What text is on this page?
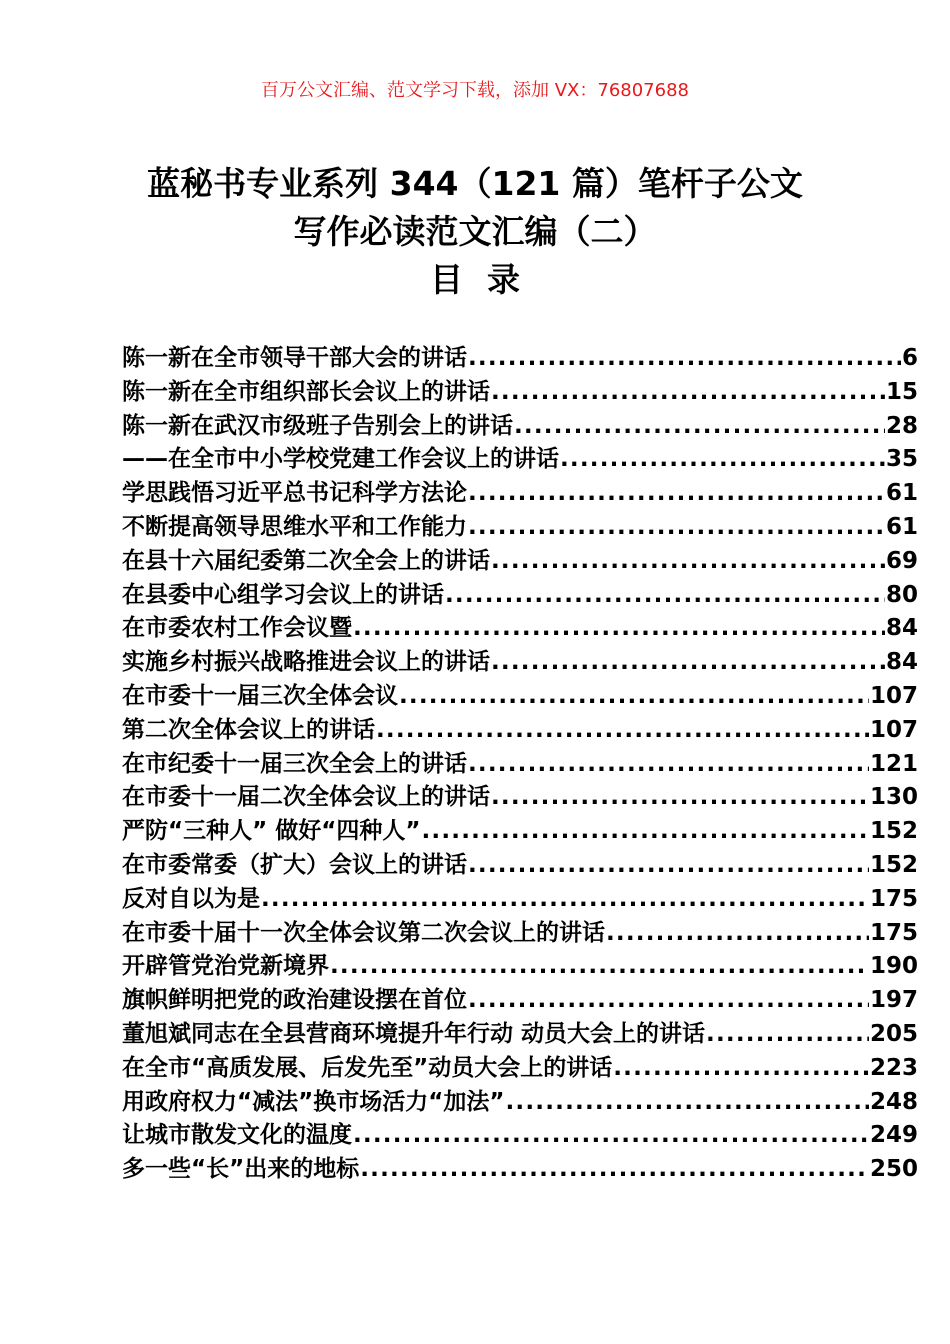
百万公文汇编、范文学习下载，添加 VX：76807688
蓝秘书专业系列 344（121 篇）笔杆子公文
写作必读范文汇编（二）
目录
陈一新在全市领导干部大会的讲话 .....	6
陈一新在全市组织部长会议上的讲话 .....	15
陈一新在武汉市级班子告别会上的讲话 .....	28
——在全市中小学校党建工作会议上的讲话 .....	35
学思践悟习近平总书记科学方法论 .....	61
不断提高领导思维水平和工作能力 .....	61
在县十六届纪委第二次全会上的讲话 .....	69
在县委中心组学习会议上的讲话 .....	80
在市委农村工作会议暨 .....	84
实施乡村振兴战略推进会议上的讲话 .....	84
在市委十一届三次全体会议 .....	107
第二次全体会议上的讲话 .....	107
在市纪委十一届三次全会上的讲话 .....	121
在市委十一届二次全体会议上的讲话 .....	130
严防“三种人” 做好“四种人” .....	152
在市委常委（扩大）会议上的讲话 .....	152
反对自以为是 .....	175
在市委十届十一次全体会议第二次会议上的讲话 .....	175
开辟管党治党新境界 .....	190
旗帜鲜明把党的政治建设摆在首位 .....	197
董旭斌同志在全县营商环境提升年行动 动员大会上的讲话 .....	205
在全市“高质发展、后发先至”动员大会上的讲话 .....	223
用政府权力“减法”换市场活力“加法” .....	248
让城市散发文化的温度 .....	249
多一些“长”出来的地标 .....	250
